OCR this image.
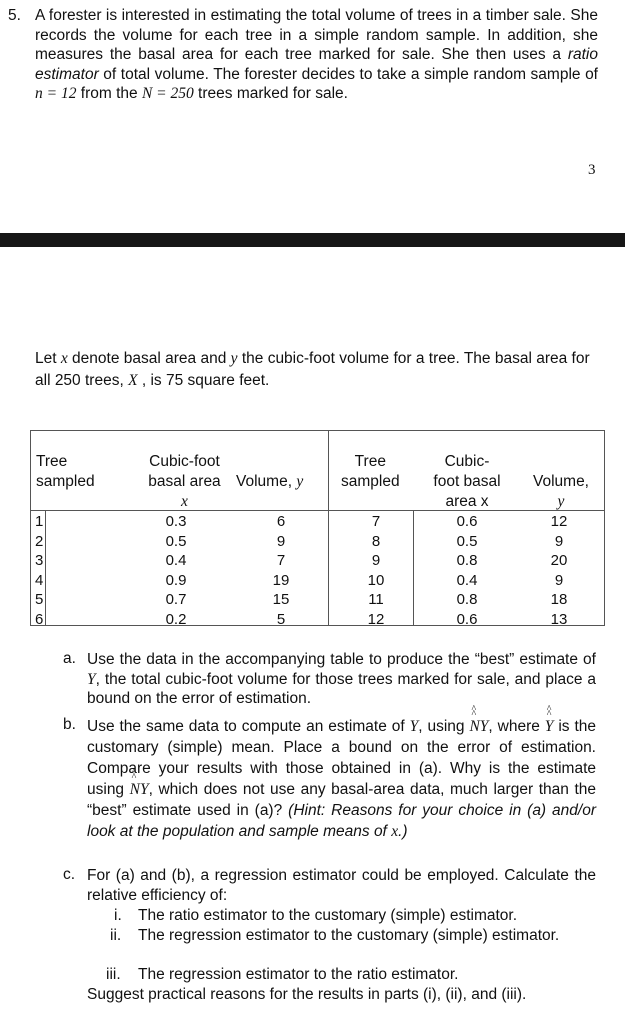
5. A forester is interested in estimating the total volume of trees in a timber sale. She records the volume for each tree in a simple random sample. In addition, she measures the basal area for each tree marked for sale. She then uses a ratio estimator of total volume. The forester decides to take a simple random sample of n = 12 from the N = 250 trees marked for sale.
3
Let x denote basal area and y the cubic-foot volume for a tree. The basal area for all 250 trees, X , is 75 square feet.
Tree
sampled
Cubic-foot
basal area
x
Volume, y
Tree
sampled
Cubic-
foot basal
area x
Volume,
y
1
2
3
4
5
6
0.3
0.5
0.4
0.9
0.7
0.2
6
9
7
19
15
5
7
8
9
10
11
12
0.6
0.5
0.8
0.4
0.8
0.6
12
9
20
9
18
13
a. Use the data in the accompanying table to produce the “best” estimate of Y, the total cubic-foot volume for those trees marked for sale, and place a bound on the error of estimation.
b. Use the same data to compute an estimate of Y, using ^ NY ^, where ^ Y ^ is the customary (simple) mean. Place a bound on the error of estimation. Compare your results with those obtained in (a). Why is the estimate using ^ NY ^, which does not use any basal-area data, much larger than the “best” estimate used in (a)? (Hint: Reasons for your choice in (a) and/or look at the population and sample means of x.)
c. For (a) and (b), a regression estimator could be employed. Calculate the relative efficiency of:
i. The ratio estimator to the customary (simple) estimator.
ii. The regression estimator to the customary (simple) estimator.
iii. The regression estimator to the ratio estimator.
Suggest practical reasons for the results in parts (i), (ii), and (iii).
